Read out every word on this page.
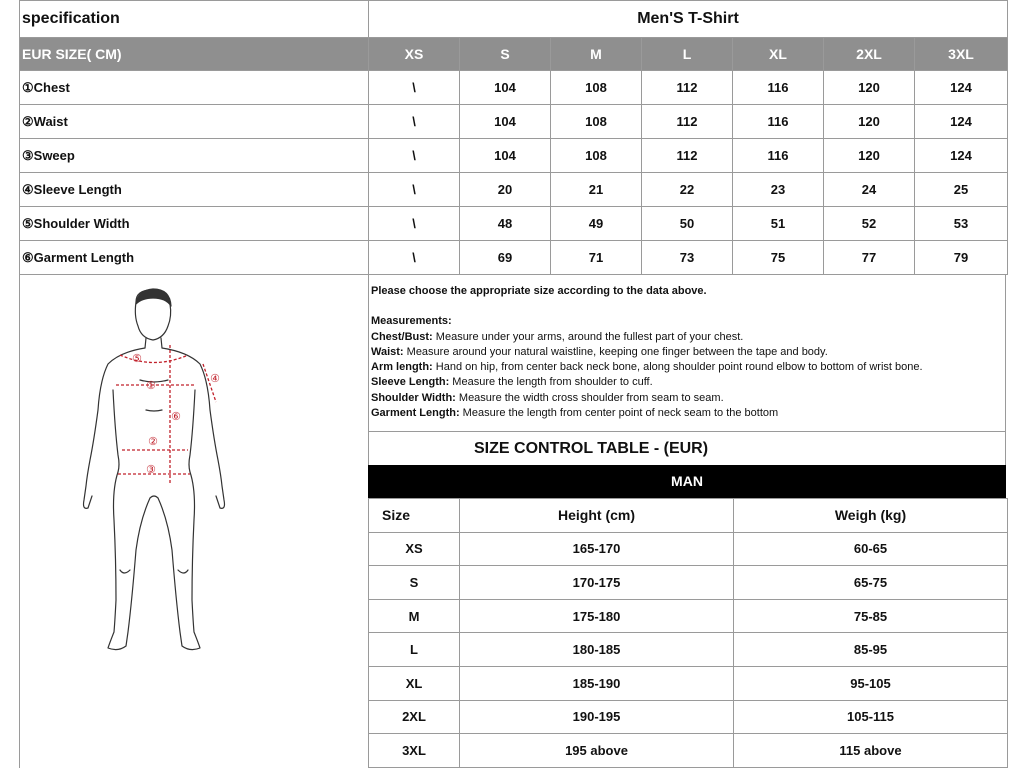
specification	Men'S T-Shirt						
EUR SIZE( CM)	XS	S	M	L	XL	2XL	3XL
①Chest	\	104	108	112	116	120	124
②Waist	\	104	108	112	116	120	124
③Sweep	\	104	108	112	116	120	124
④Sleeve Length	\	20	21	22	23	24	25
⑤Shoulder Width	\	48	49	50	51	52	53
⑥Garment Length	\	69	71	73	75	77	79
⑤
①
⑥
②
③
④
Please choose the appropriate size according to the data above.
Measurements:
Chest/Bust: Measure under your arms, around the fullest part of your chest.
Waist: Measure around your natural waistline, keeping one finger between the tape and body.
Arm length: Hand on hip, from center back neck bone, along shoulder point round elbow to bottom of wrist bone.
Sleeve Length: Measure the length from shoulder to cuff.
Shoulder Width: Measure the width cross shoulder from seam to seam.
Garment Length: Measure the length from center point of neck seam to the bottom
SIZE CONTROL TABLE - (EUR)
MAN
Size	Height (cm)	Weigh (kg)
XS	165-170	60-65
S	170-175	65-75
M	175-180	75-85
L	180-185	85-95
XL	185-190	95-105
2XL	190-195	105-115
3XL	195 above	115 above
